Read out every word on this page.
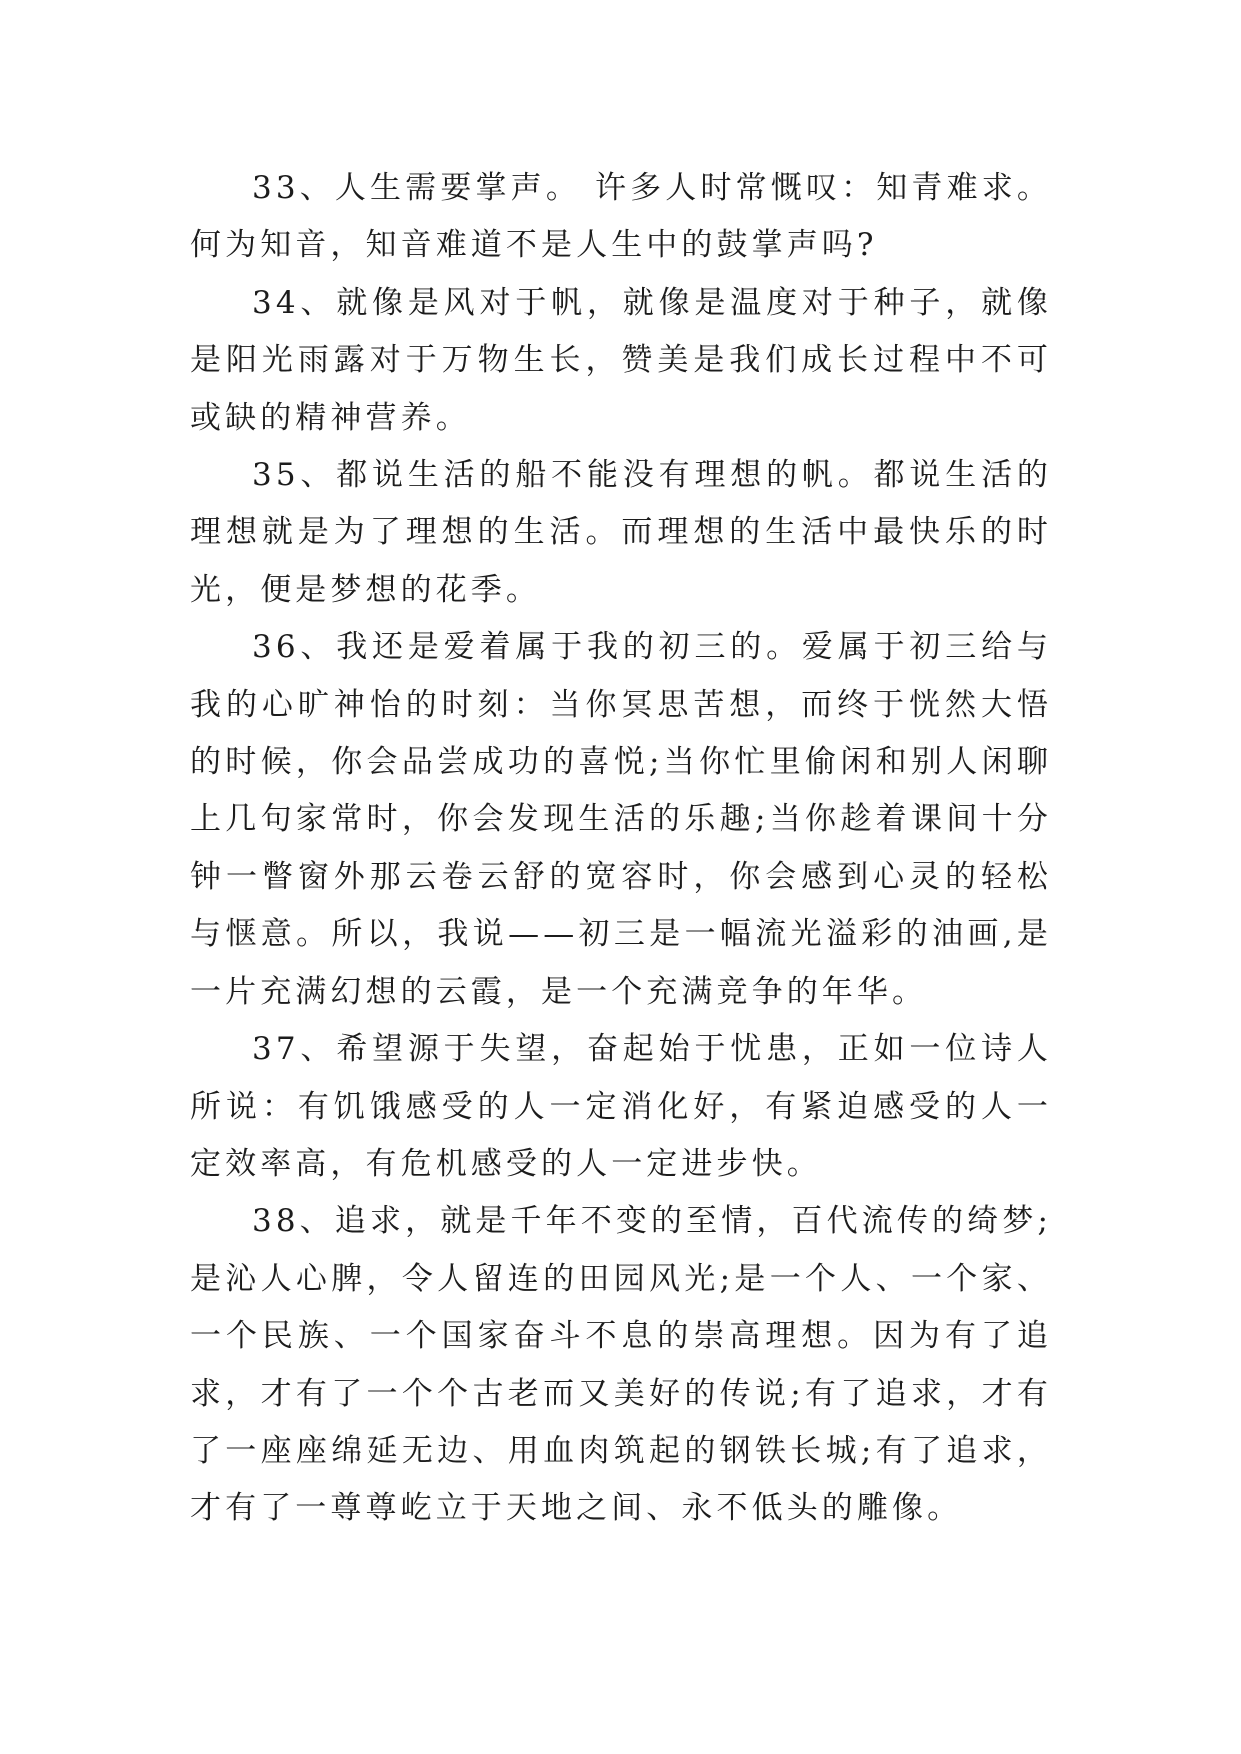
33、人生需要掌声。 许多人时常慨叹：知青难求。何为知音，知音难道不是人生中的鼓掌声吗?

34、就像是风对于帆，就像是温度对于种子，就像是阳光雨露对于万物生长，赞美是我们成长过程中不可或缺的精神营养。

35、都说生活的船不能没有理想的帆。都说生活的理想就是为了理想的生活。而理想的生活中最快乐的时光，便是梦想的花季。

36、我还是爱着属于我的初三的。爱属于初三给与我的心旷神怡的时刻：当你冥思苦想，而终于恍然大悟的时候，你会品尝成功的喜悦;当你忙里偷闲和别人闲聊上几句家常时，你会发现生活的乐趣;当你趁着课间十分钟一瞥窗外那云卷云舒的宽容时，你会感到心灵的轻松与惬意。所以，我说——初三是一幅流光溢彩的油画,是一片充满幻想的云霞，是一个充满竞争的年华。

37、希望源于失望，奋起始于忧患，正如一位诗人所说：有饥饿感受的人一定消化好，有紧迫感受的人一定效率高，有危机感受的人一定进步快。

38、追求，就是千年不变的至情，百代流传的绮梦;是沁人心脾，令人留连的田园风光;是一个人、一个家、一个民族、一个国家奋斗不息的崇高理想。因为有了追求，才有了一个个古老而又美好的传说;有了追求，才有了一座座绵延无边、用血肉筑起的钢铁长城;有了追求，才有了一尊尊屹立于天地之间、永不低头的雕像。
